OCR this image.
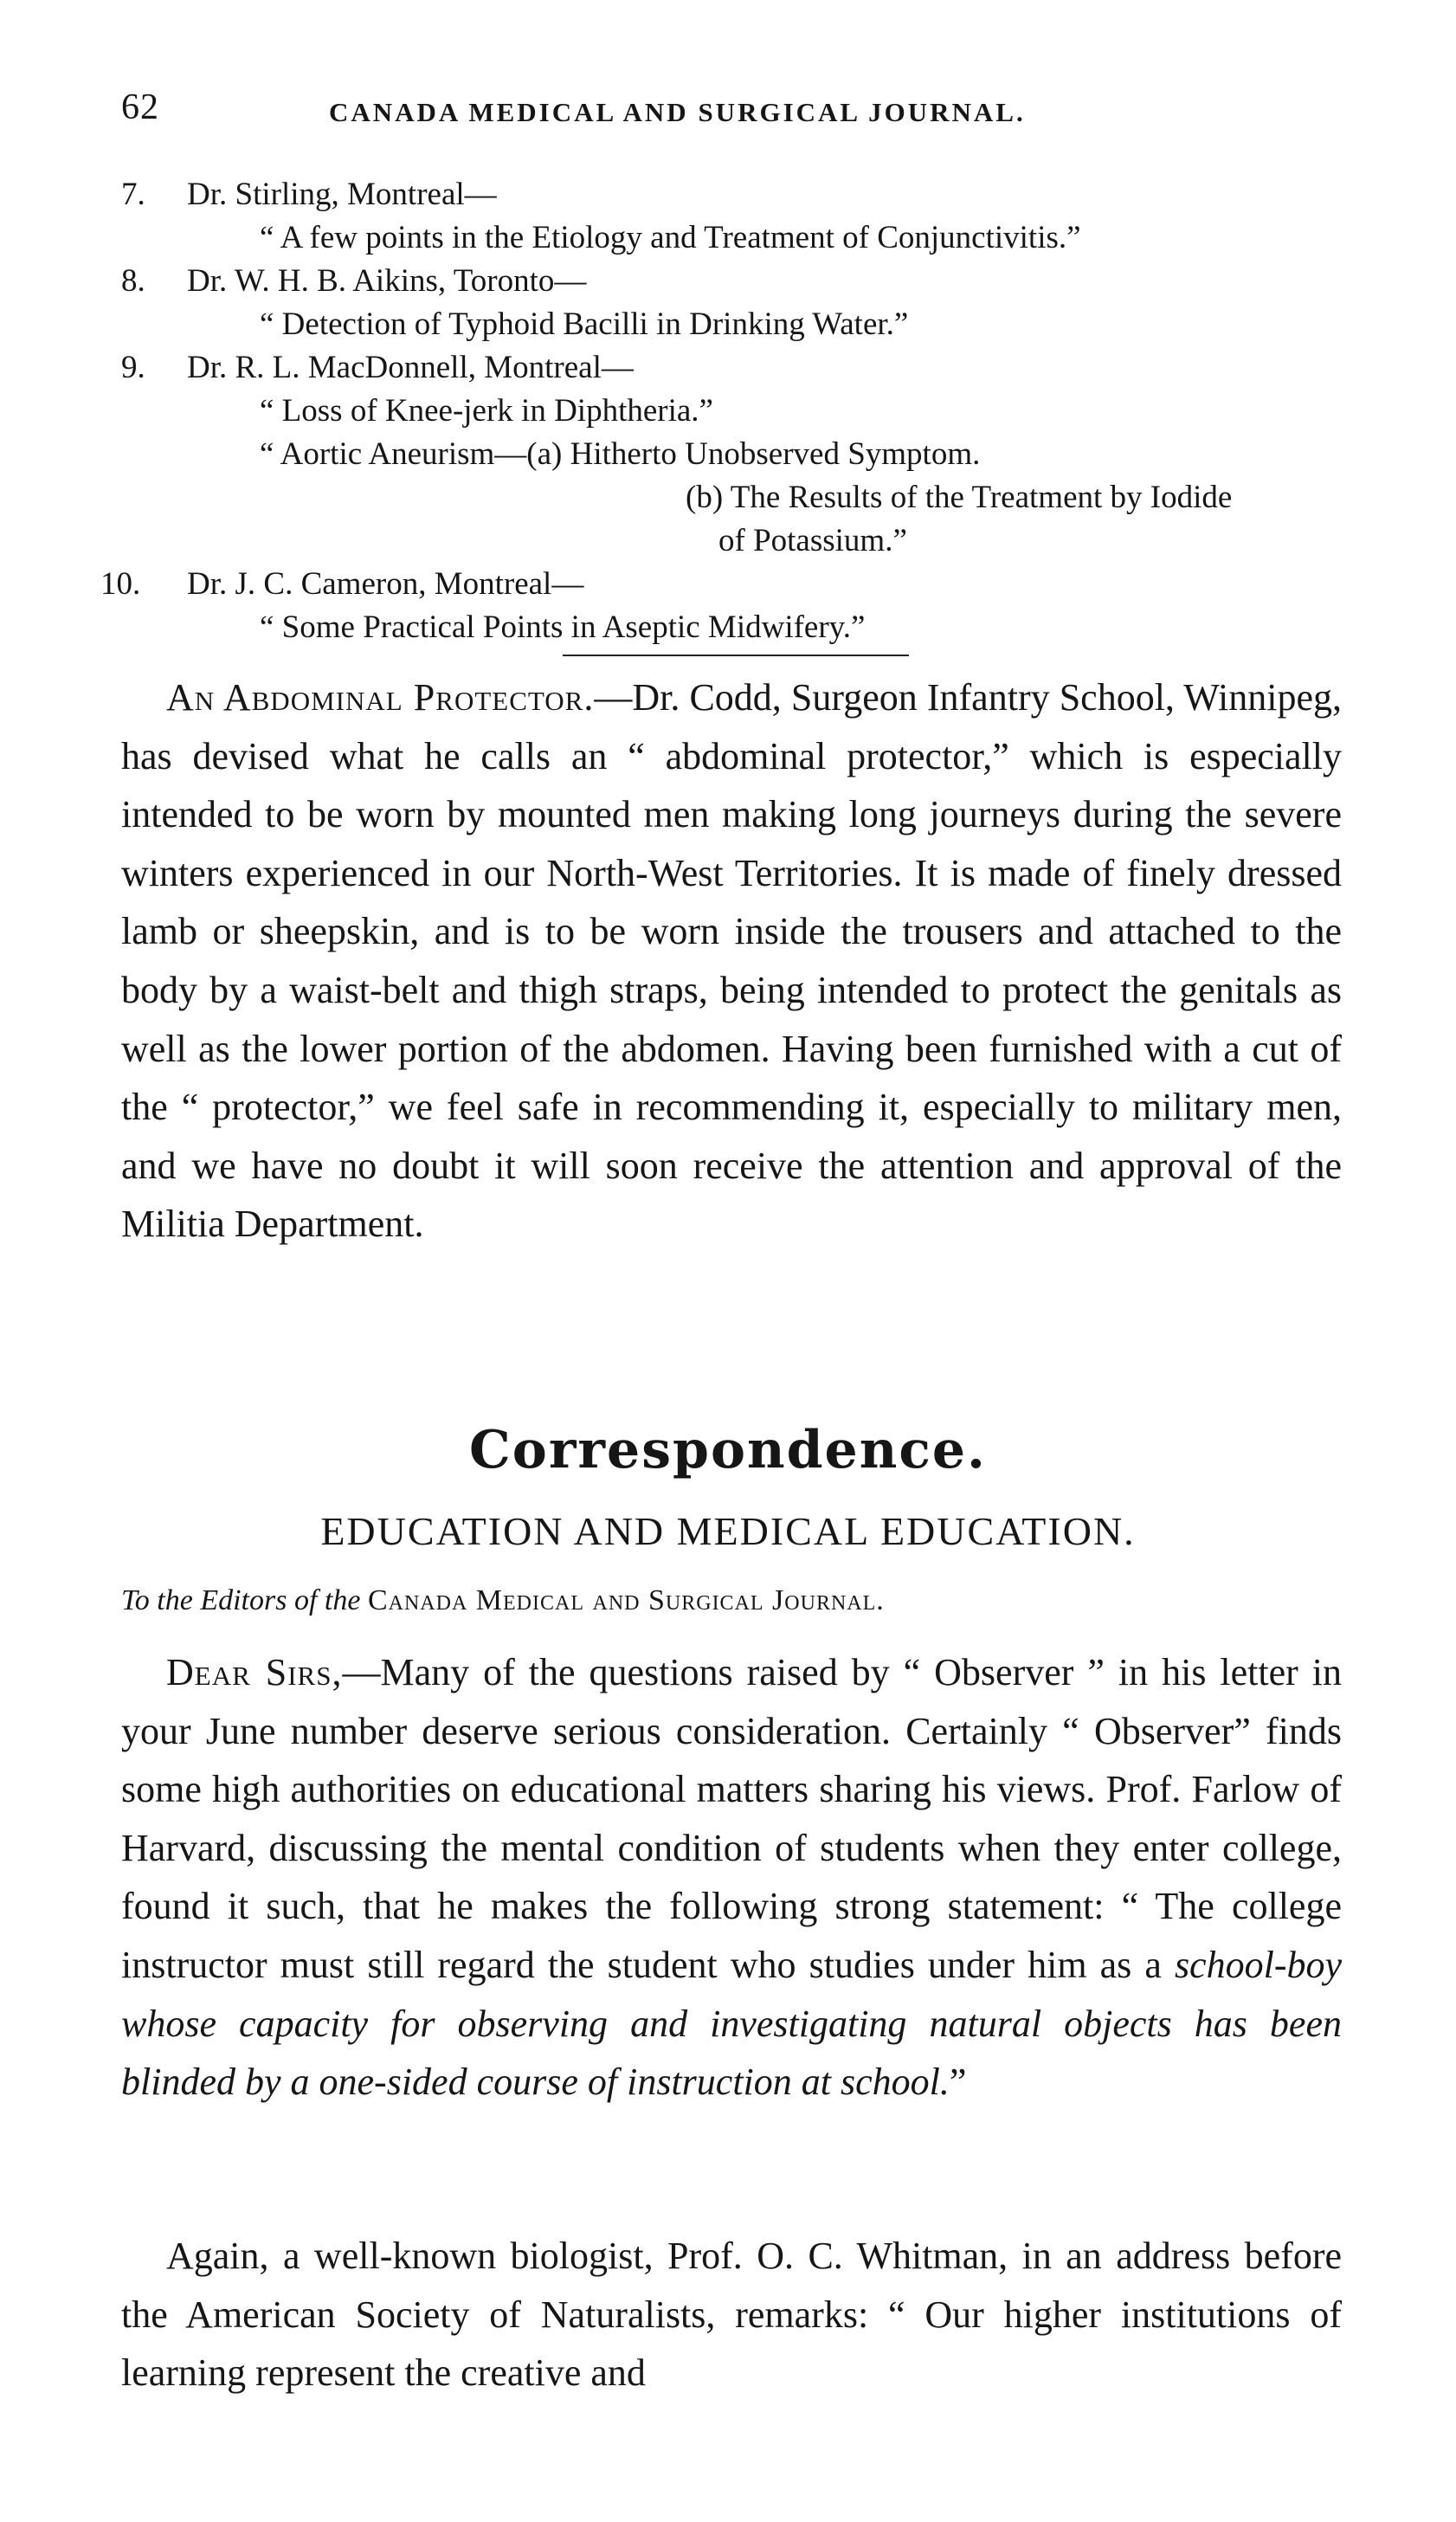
62	CANADA MEDICAL AND SURGICAL JOURNAL.
7. Dr. Stirling, Montreal—
“ A few points in the Etiology and Treatment of Conjunctivitis.”
8. Dr. W. H. B. Aikins, Toronto—
“ Detection of Typhoid Bacilli in Drinking Water.”
9. Dr. R. L. MacDonnell, Montreal—
“ Loss of Knee-jerk in Diphtheria.”
“ Aortic Aneurism—(a) Hitherto Unobserved Symptom.
(b) The Results of the Treatment by Iodide
of Potassium.”
10. Dr. J. C. Cameron, Montreal—
“ Some Practical Points in Aseptic Midwifery.”
An Abdominal Protector.—Dr. Codd, Surgeon Infantry School, Winnipeg, has devised what he calls an “ abdominal protector,” which is especially intended to be worn by mounted men making long journeys during the severe winters experienced in our North-West Territories. It is made of finely dressed lamb or sheepskin, and is to be worn inside the trousers and attached to the body by a waist-belt and thigh straps, being intended to protect the genitals as well as the lower portion of the abdomen. Having been furnished with a cut of the “ protector,” we feel safe in recommending it, especially to military men, and we have no doubt it will soon receive the attention and approval of the Militia Department.
Correspondence.
EDUCATION AND MEDICAL EDUCATION.
To the Editors of the Canada Medical and Surgical Journal.
Dear Sirs,—Many of the questions raised by “ Observer ” in his letter in your June number deserve serious consideration. Certainly “ Observer” finds some high authorities on educational matters sharing his views. Prof. Farlow of Harvard, discussing the mental condition of students when they enter college, found it such, that he makes the following strong statement: “ The college instructor must still regard the student who studies under him as a school-boy whose capacity for observing and investigating natural objects has been blinded by a one-sided course of instruction at school.”
Again, a well-known biologist, Prof. O. C. Whitman, in an address before the American Society of Naturalists, remarks: “ Our higher institutions of learning represent the creative and
